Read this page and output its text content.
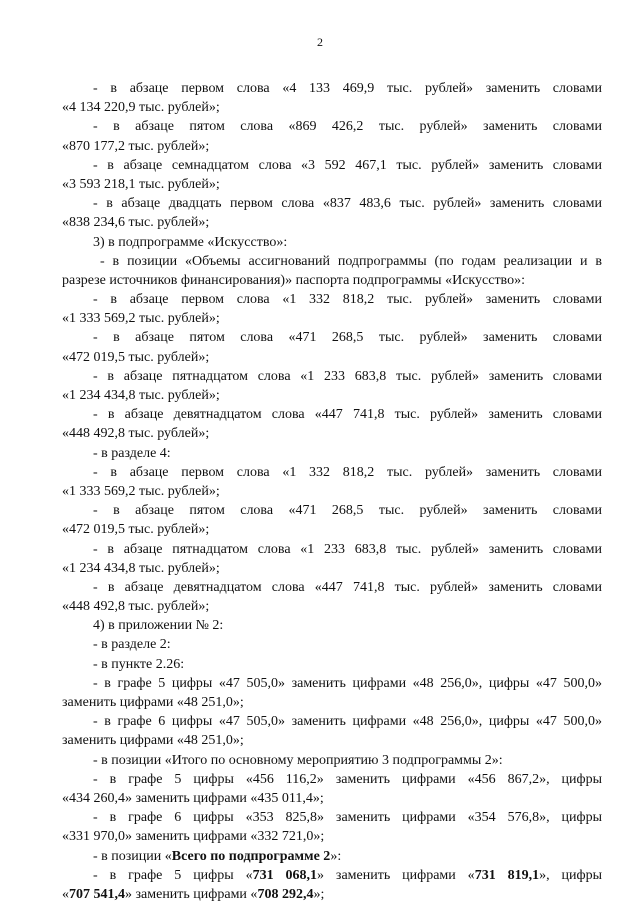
2
- в абзаце первом слова «4 133 469,9 тыс. рублей» заменить словами
«4 134 220,9 тыс. рублей»;
- в абзаце пятом слова «869 426,2 тыс. рублей» заменить словами
«870 177,2 тыс. рублей»;
- в абзаце семнадцатом слова «3 592 467,1 тыс. рублей» заменить словами
«3 593 218,1 тыс. рублей»;
- в абзаце двадцать первом слова «837 483,6 тыс. рублей» заменить словами
«838 234,6 тыс. рублей»;
3) в подпрограмме «Искусство»:
- в позиции «Объемы ассигнований подпрограммы (по годам реализации и в
разрезе источников финансирования)» паспорта подпрограммы «Искусство»:
- в абзаце первом слова «1 332 818,2 тыс. рублей» заменить словами
«1 333 569,2 тыс. рублей»;
- в абзаце пятом слова «471 268,5 тыс. рублей» заменить словами
«472 019,5 тыс. рублей»;
- в абзаце пятнадцатом слова «1 233 683,8 тыс. рублей» заменить словами
«1 234 434,8 тыс. рублей»;
- в абзаце девятнадцатом слова «447 741,8 тыс. рублей» заменить словами
«448 492,8 тыс. рублей»;
- в разделе 4:
- в абзаце первом слова «1 332 818,2 тыс. рублей» заменить словами
«1 333 569,2 тыс. рублей»;
- в абзаце пятом слова «471 268,5 тыс. рублей» заменить словами
«472 019,5 тыс. рублей»;
- в абзаце пятнадцатом слова «1 233 683,8 тыс. рублей» заменить словами
«1 234 434,8 тыс. рублей»;
- в абзаце девятнадцатом слова «447 741,8 тыс. рублей» заменить словами
«448 492,8 тыс. рублей»;
4) в приложении № 2:
- в разделе 2:
- в пункте 2.26:
- в графе 5 цифры «47 505,0» заменить цифрами «48 256,0», цифры «47 500,0»
заменить цифрами «48 251,0»;
- в графе 6 цифры «47 505,0» заменить цифрами «48 256,0», цифры «47 500,0»
заменить цифрами «48 251,0»;
- в позиции «Итого по основному мероприятию 3 подпрограммы 2»:
- в графе 5 цифры «456 116,2» заменить цифрами «456 867,2», цифры
«434 260,4» заменить цифрами «435 011,4»;
- в графе 6 цифры «353 825,8» заменить цифрами «354 576,8», цифры
«331 970,0» заменить цифрами «332 721,0»;
- в позиции «Всего по подпрограмме 2»:
- в графе 5 цифры «731 068,1» заменить цифрами «731 819,1», цифры
«707 541,4» заменить цифрами «708 292,4»;
